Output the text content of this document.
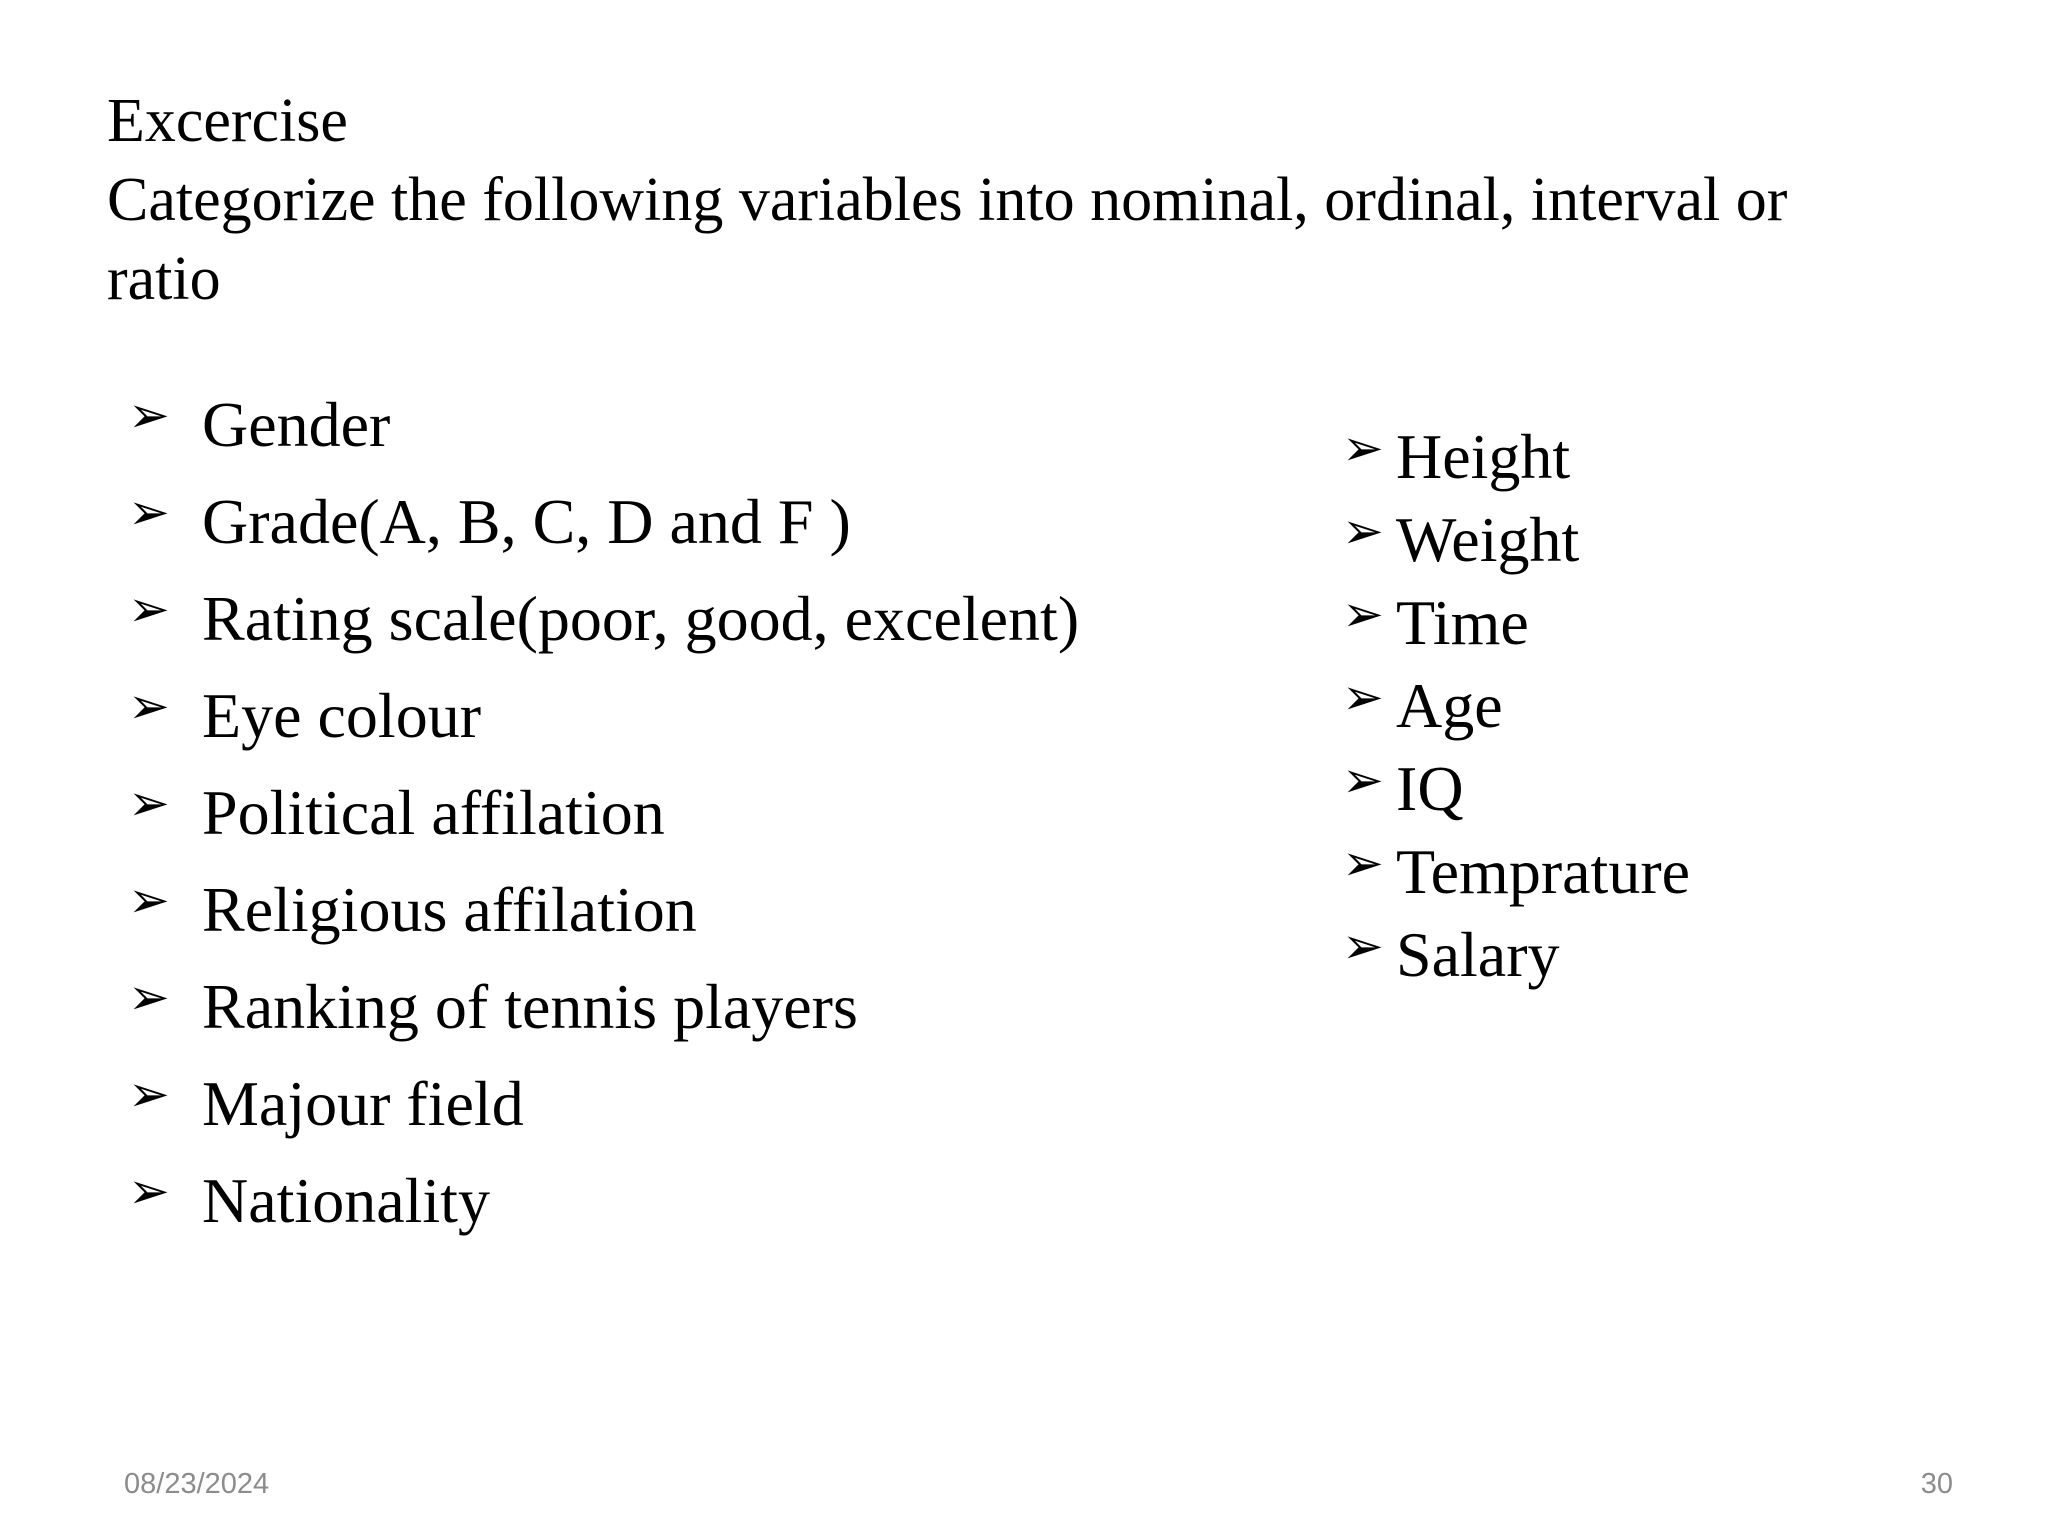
Excercise
Categorize the following variables into nominal, ordinal, interval or
ratio
➢ Gender
➢ Grade(A, B, C, D and F )
➢ Rating scale(poor, good, excelent)
➢ Eye colour
➢ Political affilation
➢ Religious affilation
➢ Ranking of tennis players
➢ Majour field
➢ Nationality
➢ Height
➢ Weight
➢ Time
➢ Age
➢ IQ
➢ Temprature
➢ Salary
08/23/2024	30
